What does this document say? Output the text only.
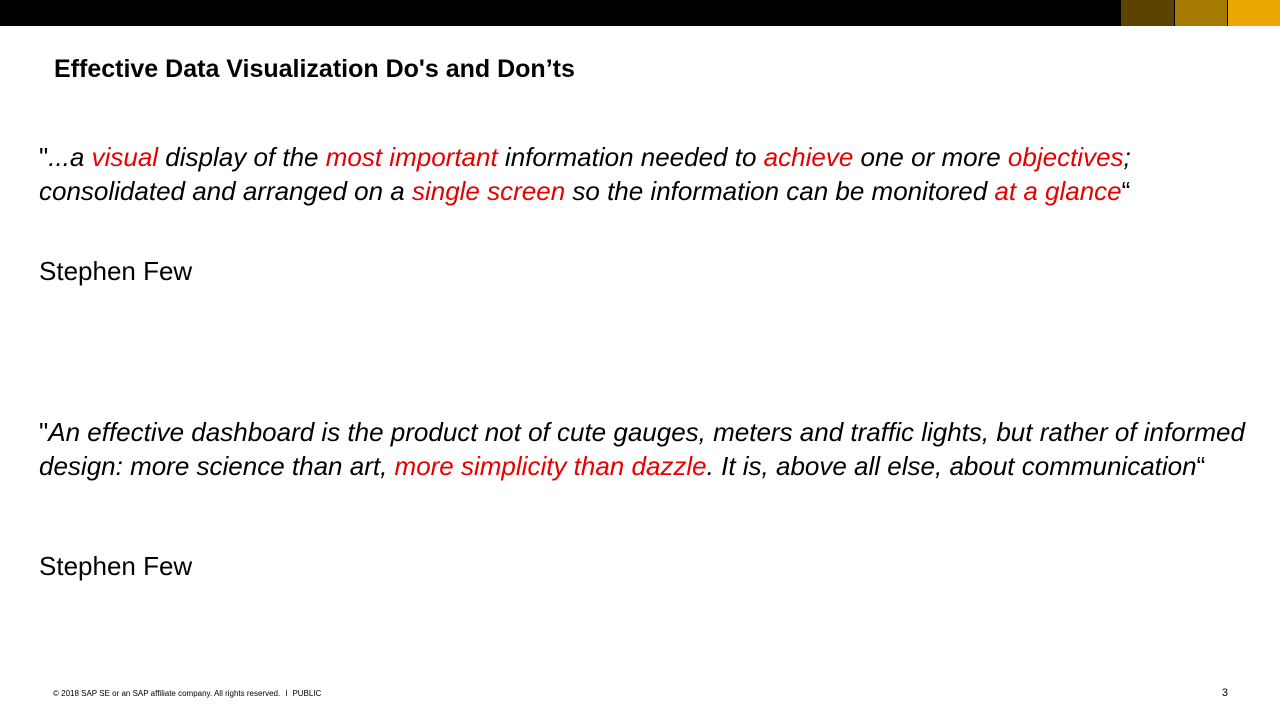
Effective Data Visualization Do's and Don’ts
"...a visual display of the most important information needed to achieve one or more objectives; consolidated and arranged on a single screen so the information can be monitored at a glance“
Stephen Few
"An effective dashboard is the product not of cute gauges, meters and traffic lights, but rather of informed design: more science than art, more simplicity than dazzle. It is, above all else, about communication“
Stephen Few
© 2018 SAP SE or an SAP affiliate company. All rights reserved. I PUBLIC	3
